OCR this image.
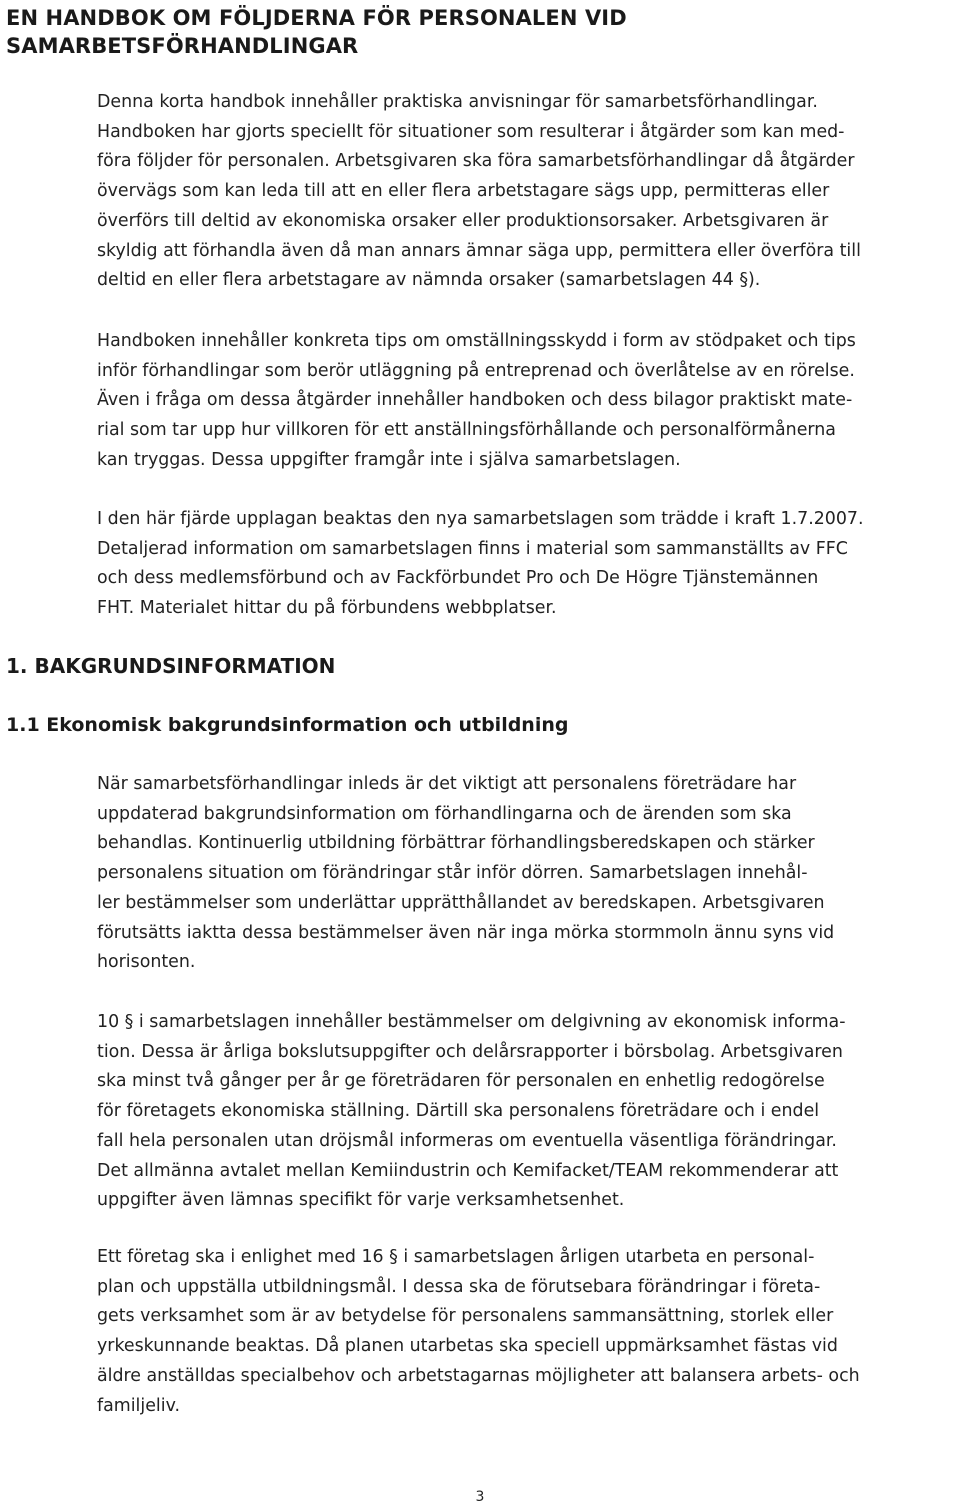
EN HANDBOK OM FÖLJDERNA FÖR PERSONALEN VID
SAMARBETSFÖRHANDLINGAR
Denna korta handbok innehåller praktiska anvisningar för samarbetsförhandlingar.
Handboken har gjorts speciellt för situationer som resulterar i åtgärder som kan med-
föra följder för personalen. Arbetsgivaren ska föra samarbetsförhandlingar då åtgärder
övervägs som kan leda till att en eller flera arbetstagare sägs upp, permitteras eller
överförs till deltid av ekonomiska orsaker eller produktionsorsaker. Arbetsgivaren är
skyldig att förhandla även då man annars ämnar säga upp, permittera eller överföra till
deltid en eller flera arbetstagare av nämnda orsaker (samarbetslagen 44 §).
Handboken innehåller konkreta tips om omställningsskydd i form av stödpaket och tips
inför förhandlingar som berör utläggning på entreprenad och överlåtelse av en rörelse.
Även i fråga om dessa åtgärder innehåller handboken och dess bilagor praktiskt mate-
rial som tar upp hur villkoren för ett anställningsförhållande och personalförmånerna
kan tryggas. Dessa uppgifter framgår inte i själva samarbetslagen.
I den här fjärde upplagan beaktas den nya samarbetslagen som trädde i kraft 1.7.2007.
Detaljerad information om samarbetslagen finns i material som sammanställts av FFC
och dess medlemsförbund och av Fackförbundet Pro och De Högre Tjänstemännen
FHT. Materialet hittar du på förbundens webbplatser.
1. BAKGRUNDSINFORMATION
1.1 Ekonomisk bakgrundsinformation och utbildning
När samarbetsförhandlingar inleds är det viktigt att personalens företrädare har
uppdaterad bakgrundsinformation om förhandlingarna och de ärenden som ska
behandlas. Kontinuerlig utbildning förbättrar förhandlingsberedskapen och stärker
personalens situation om förändringar står inför dörren. Samarbetslagen innehål-
ler bestämmelser som underlättar upprätthållandet av beredskapen. Arbetsgivaren
förutsätts iaktta dessa bestämmelser även när inga mörka stormmoln ännu syns vid
horisonten.
10 § i samarbetslagen innehåller bestämmelser om delgivning av ekonomisk informa-
tion. Dessa är årliga bokslutsuppgifter och delårsrapporter i börsbolag. Arbetsgivaren
ska minst två gånger per år ge företrädaren för personalen en enhetlig redogörelse
för företagets ekonomiska ställning. Därtill ska personalens företrädare och i endel
fall hela personalen utan dröjsmål informeras om eventuella väsentliga förändringar.
Det allmänna avtalet mellan Kemiindustrin och Kemifacket/TEAM rekommenderar att
uppgifter även lämnas specifikt för varje verksamhetsenhet.
Ett företag ska i enlighet med 16 § i samarbetslagen årligen utarbeta en personal-
plan och uppställa utbildningsmål. I dessa ska de förutsebara förändringar i företa-
gets verksamhet som är av betydelse för personalens sammansättning, storlek eller
yrkeskunnande beaktas. Då planen utarbetas ska speciell uppmärksamhet fästas vid
äldre anställdas specialbehov och arbetstagarnas möjligheter att balansera arbets- och
familjeliv.

3
